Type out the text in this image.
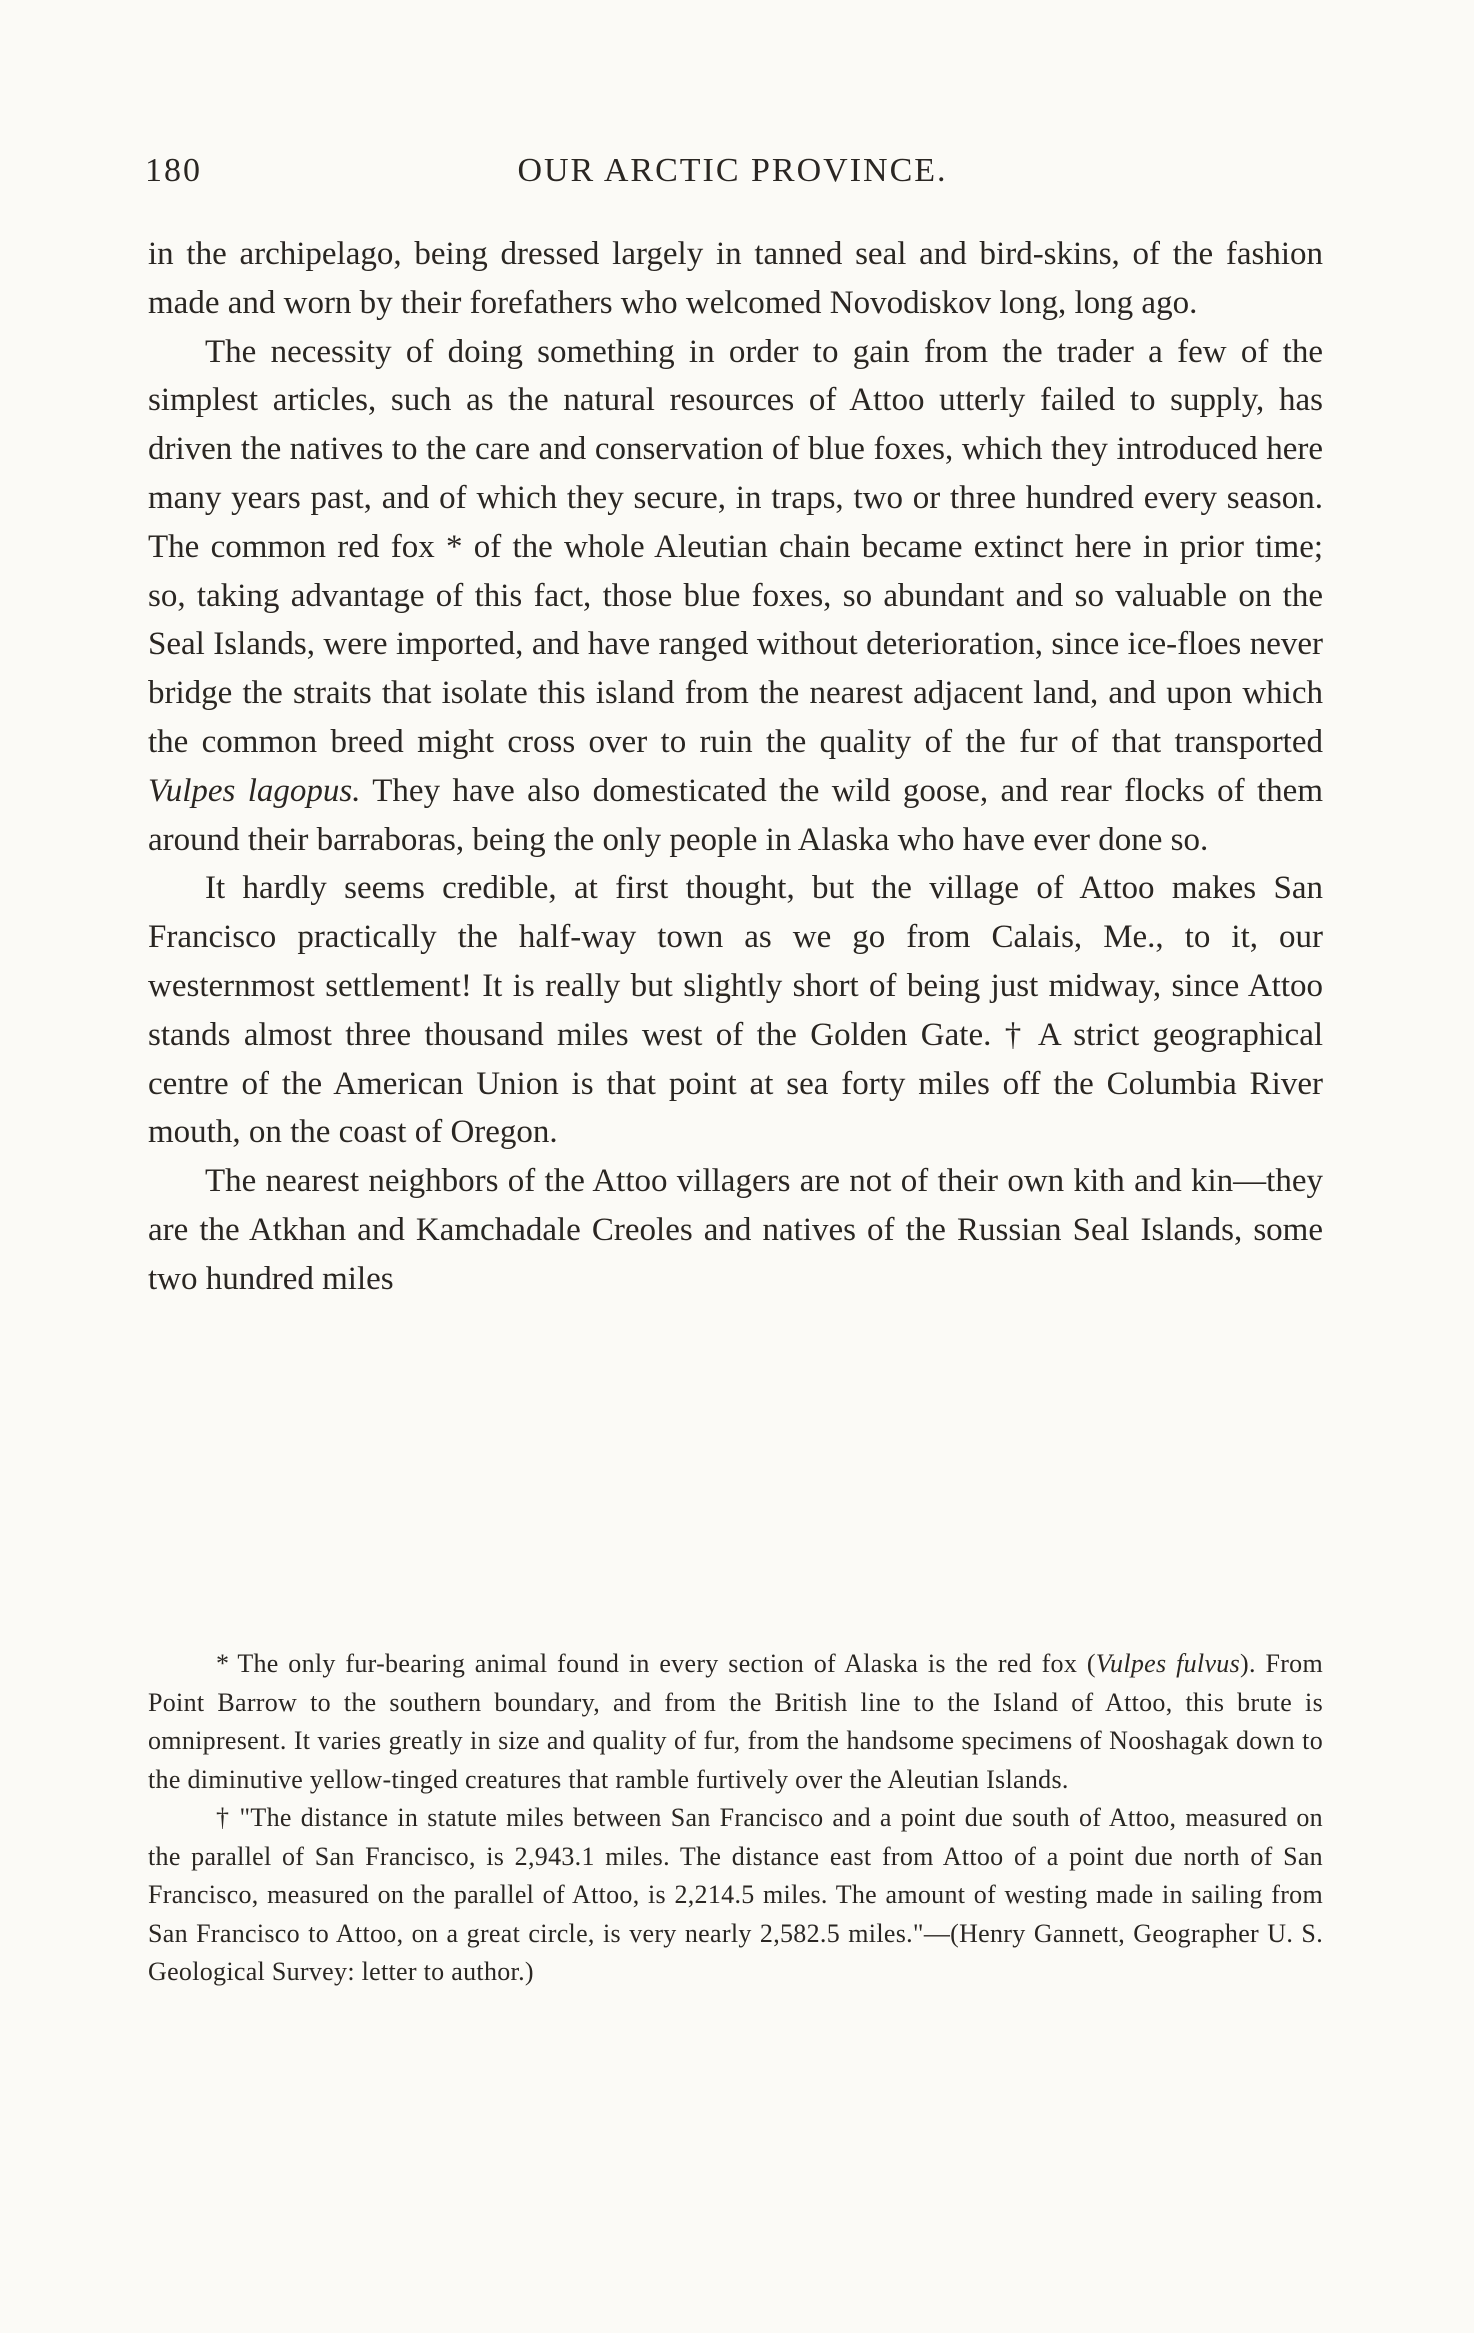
180	OUR ARCTIC PROVINCE.

in the archipelago, being dressed largely in tanned seal and bird-skins, of the fashion made and worn by their forefathers who welcomed Novodiskov long, long ago.

The necessity of doing something in order to gain from the trader a few of the simplest articles, such as the natural resources of Attoo utterly failed to supply, has driven the natives to the care and conservation of blue foxes, which they introduced here many years past, and of which they secure, in traps, two or three hundred every season. The common red fox * of the whole Aleutian chain became extinct here in prior time; so, taking advantage of this fact, those blue foxes, so abundant and so valuable on the Seal Islands, were imported, and have ranged without deterioration, since ice-floes never bridge the straits that isolate this island from the nearest adjacent land, and upon which the common breed might cross over to ruin the quality of the fur of that transported Vulpes lagopus. They have also domesticated the wild goose, and rear flocks of them around their barraboras, being the only people in Alaska who have ever done so.

It hardly seems credible, at first thought, but the village of Attoo makes San Francisco practically the half-way town as we go from Calais, Me., to it, our westernmost settlement! It is really but slightly short of being just midway, since Attoo stands almost three thousand miles west of the Golden Gate. † A strict geographical centre of the American Union is that point at sea forty miles off the Columbia River mouth, on the coast of Oregon.

The nearest neighbors of the Attoo villagers are not of their own kith and kin—they are the Atkhan and Kamchadale Creoles and natives of the Russian Seal Islands, some two hundred miles

* The only fur-bearing animal found in every section of Alaska is the red fox (Vulpes fulvus). From Point Barrow to the southern boundary, and from the British line to the Island of Attoo, this brute is omnipresent. It varies greatly in size and quality of fur, from the handsome specimens of Nooshagak down to the diminutive yellow-tinged creatures that ramble furtively over the Aleutian Islands.

† "The distance in statute miles between San Francisco and a point due south of Attoo, measured on the parallel of San Francisco, is 2,943.1 miles. The distance east from Attoo of a point due north of San Francisco, measured on the parallel of Attoo, is 2,214.5 miles. The amount of westing made in sailing from San Francisco to Attoo, on a great circle, is very nearly 2,582.5 miles."—(Henry Gannett, Geographer U. S. Geological Survey: letter to author.)
